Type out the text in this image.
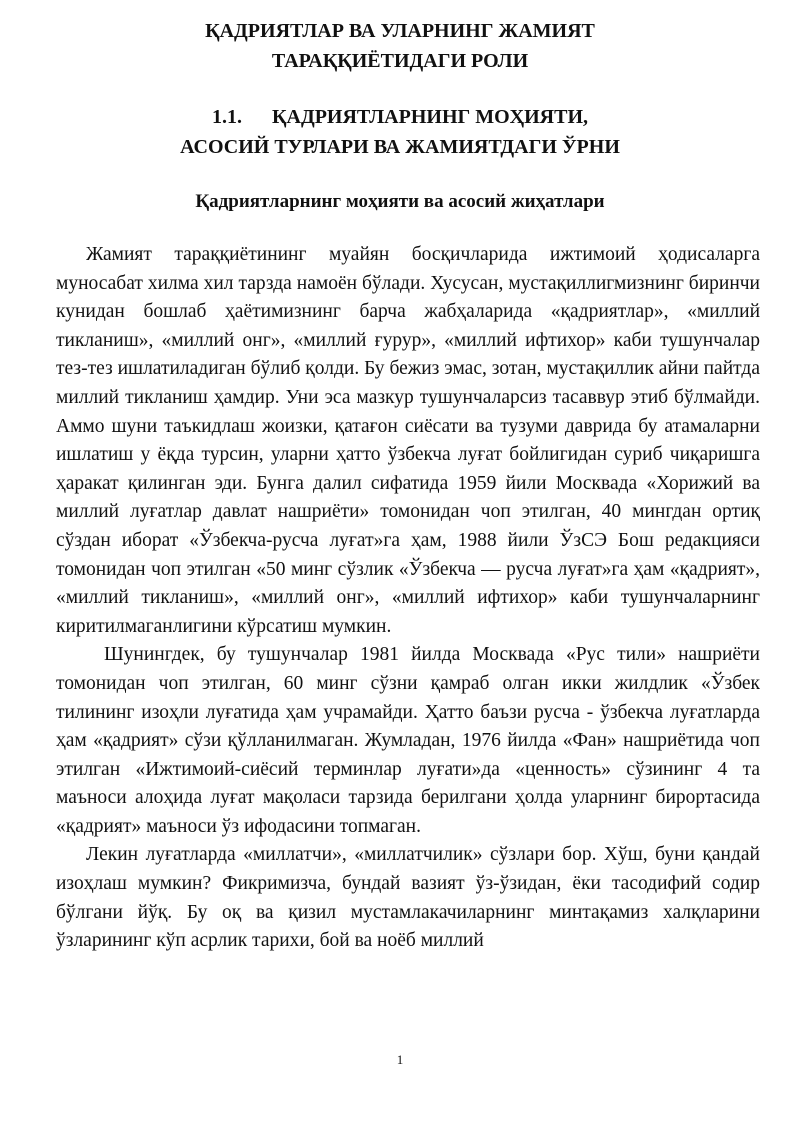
ҚАДРИЯТЛАР ВА УЛАРНИНГ ЖАМИЯТ
ТАРАҚҚИЁТИДАГИ РОЛИ
1.1.      ҚАДРИЯТЛАРНИНГ МОҲИЯТИ,
АСОСИЙ ТУРЛАРИ ВА ЖАМИЯТДАГИ ЎРНИ
Қадриятларнинг моҳияти ва асосий жиҳатлари

Жамият тараққиётининг муайян босқичларида ижтимоий ҳодисаларга муносабат хилма хил тарзда намоён бўлади. Хусусан, мустақиллигмизнинг биринчи кунидан бошлаб ҳаётимизнинг барча жабҳаларида «қадриятлар», «миллий тикланиш», «миллий онг», «миллий ғурур», «миллий ифтихор» каби тушунчалар тез-тез ишлатиладиган бўлиб қолди. Бу бежиз эмас, зотан, мустақиллик айни пайтда миллий тикланиш ҳамдир. Уни эса мазкур тушунчаларсиз тасаввур этиб бўлмайди. Аммо шуни таъкидлаш жоизки, қатағон сиёсати ва тузуми даврида бу атамаларни ишлатиш у ёқда турсин, уларни ҳатто ўзбекча луғат бойлигидан суриб чиқаришга ҳаракат қилинган эди. Бунга далил сифатида 1959 йили Москвада «Хорижий ва миллий луғатлар давлат нашриёти» томонидан чоп этилган, 40 мингдан ортиқ сўздан иборат «Ўзбекча-русча луғат»га ҳам, 1988 йили ЎзСЭ Бош редакцияси томонидан чоп этилган «50 минг сўзлик «Ўзбекча — русча луғат»га ҳам «қадрият», «миллий тикланиш», «миллий онг», «миллий ифтихор» каби тушунчаларнинг киритилмаганлигини кўрсатиш мумкин.

Шунингдек, бу тушунчалар 1981 йилда Москвада «Рус тили» нашриёти томонидан чоп этилган, 60 минг сўзни қамраб олган икки жилдлик «Ўзбек тилининг изоҳли луғатида ҳам учрамайди. Ҳатто баъзи русча - ўзбекча луғатларда ҳам «қадрият» сўзи қўлланилмаган. Жумладан, 1976 йилда «Фан» нашриётида чоп этилган «Ижтимоий-сиёсий терминлар луғати»да «ценность» сўзининг 4 та маъноси алоҳида луғат мақоласи тарзида берилгани ҳолда уларнинг бирортасида «қадрият» маъноси ўз ифодасини топмаган.

Лекин луғатларда «миллатчи», «миллатчилик» сўзлари бор. Хўш, буни қандай изоҳлаш мумкин? Фикримизча, бундай вазият ўз-ўзидан, ёки тасодифий содир бўлгани йўқ. Бу оқ ва қизил мустамлакачиларнинг минтақамиз халқларини ўзларининг кўп асрлик тарихи, бой ва ноёб миллий

1
